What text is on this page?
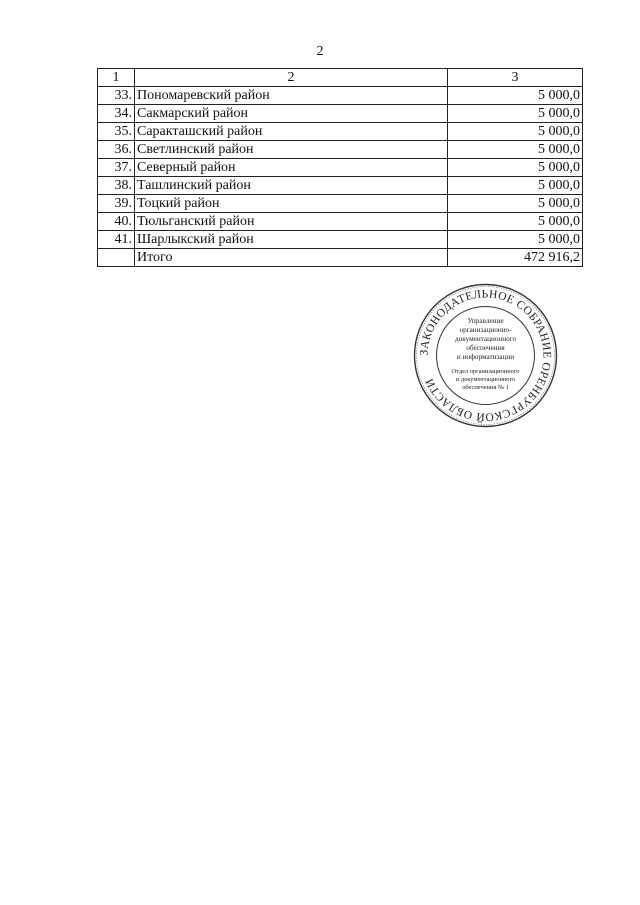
2
1	2	3
33.	Пономаревский район	5 000,0
34.	Сакмарский район	5 000,0
35.	Саракташский район	5 000,0
36.	Светлинский район	5 000,0
37.	Северный район	5 000,0
38.	Ташлинский район	5 000,0
39.	Тоцкий район	5 000,0
40.	Тюльганский район	5 000,0
41.	Шарлыкский район	5 000,0
	Итого	472 916,2
ЗАКОНОДАТЕЛЬНОЕ СОБРАНИЕ ОРЕНБУРГСКОЙ ОБЛАСТИ
Управление
организационно-
документационного
обеспечения
и информатизации
Отдел организационного
и документационного
обеспечения № 1
